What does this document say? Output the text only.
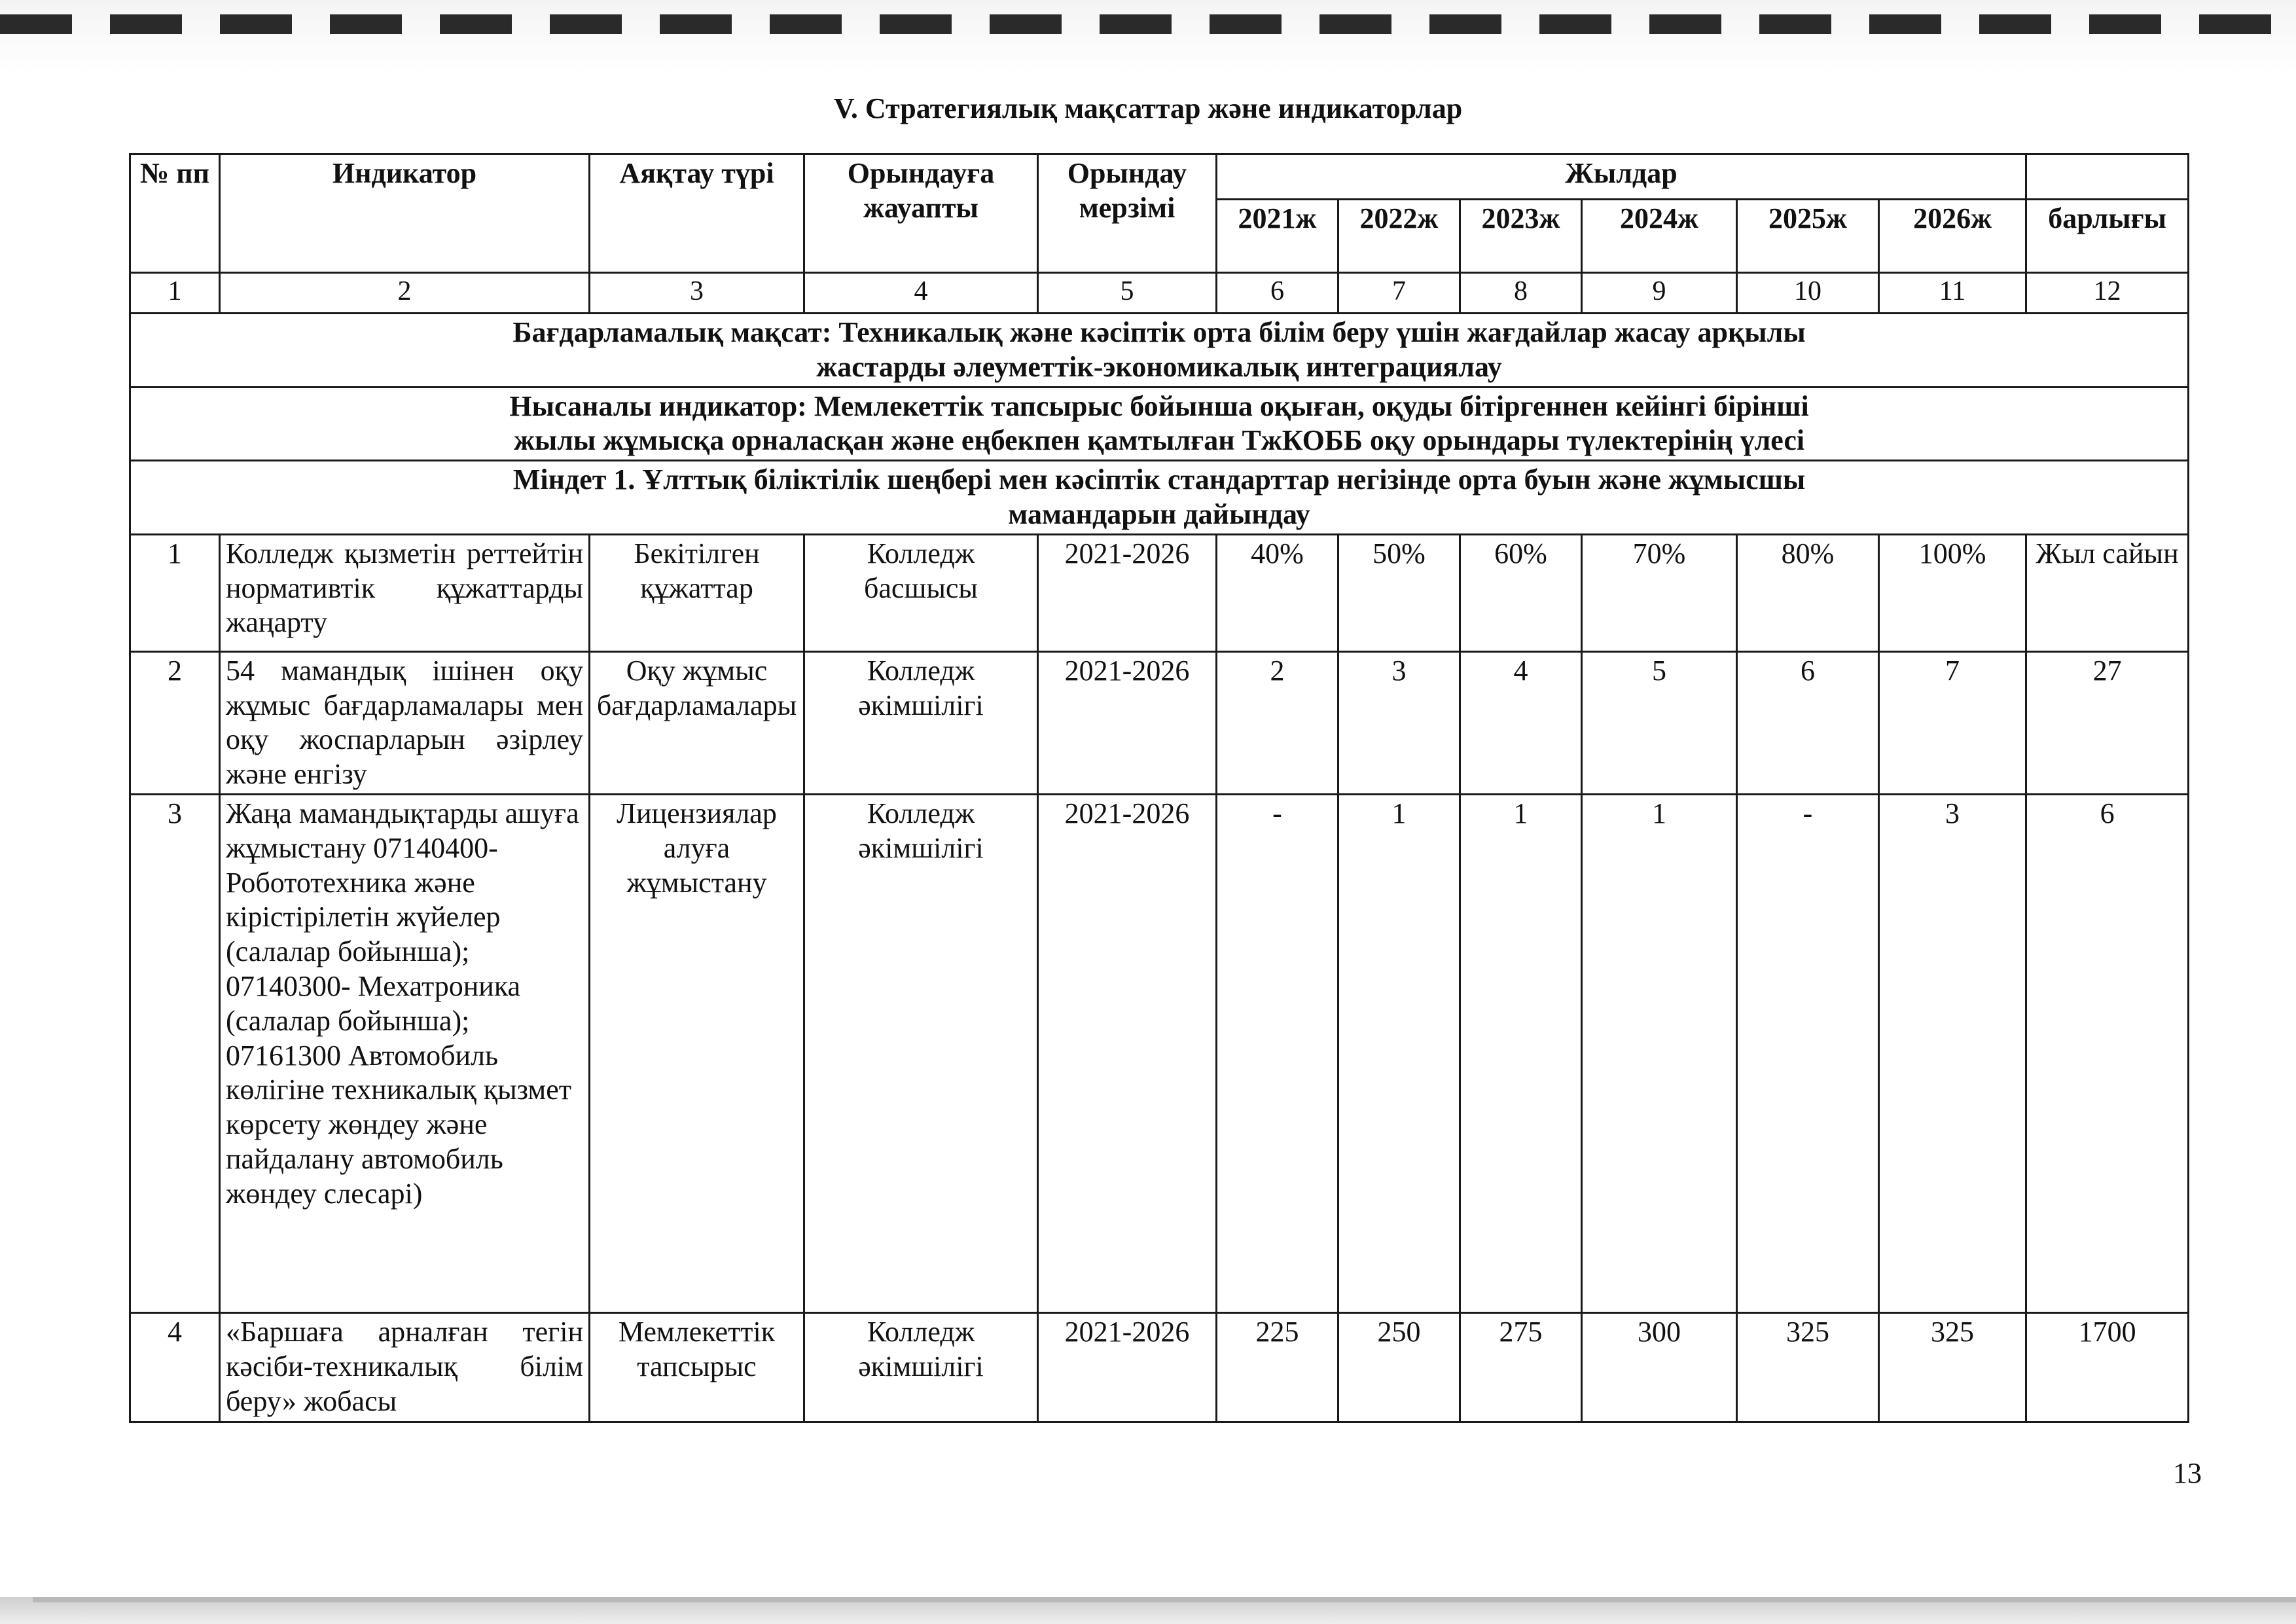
V. Стратегиялық мақсаттар және индикаторлар
№ пп	Индикатор	Аяқтау түрі	Орындауға жауапты	Орындау мерзімі	Жылдар						
					2021ж	2022ж	2023ж	2024ж	2025ж	2026ж	барлығы
1	2	3	4	5	6	7	8	9	10	11	12
Бағдарламалық мақсат: Техникалық және кәсіптік орта білім беру үшін жағдайлар жасау арқылы
жастарды әлеуметтік-экономикалық интеграциялау											
Нысаналы индикатор: Мемлекеттік тапсырыс бойынша оқыған, оқуды бітіргеннен кейінгі бірінші
жылы жұмысқа орналасқан және еңбекпен қамтылған ТжКОББ оқу орындары түлектерінің үлесі											
Міндет 1. Ұлттық біліктілік шеңбері мен кәсіптік стандарттар негізінде орта буын және жұмысшы
мамандарын дайындау											
1	Колледж қызметін реттейтін нормативтік құжаттарды жаңарту	Бекітілген құжаттар	Колледж басшысы	2021-2026	40%	50%	60%	70%	80%	100%	Жыл сайын
2	54 мамандық ішінен оқу жұмыс бағдарламалары мен оқу жоспарларын әзірлеу және енгізу	Оқу жұмыс бағдарламалары	Колледж әкімшілігі	2021-2026	2	3	4	5	6	7	27
3	Жаңа мамандықтарды ашуға жұмыстану 07140400- Робототехника және кірістірілетін жүйелер (салалар бойынша); 07140300- Мехатроника (салалар бойынша); 07161300 Автомобиль көлігіне техникалық қызмет көрсету жөндеу және пайдалану автомобиль жөндеу слесарі)	Лицензиялар алуға жұмыстану	Колледж әкімшілігі	2021-2026	-	1	1	1	-	3	6
4	«Баршаға арналған тегін кәсіби-техникалық білім беру» жобасы	Мемлекеттік тапсырыс	Колледж әкімшілігі	2021-2026	225	250	275	300	325	325	1700
13
